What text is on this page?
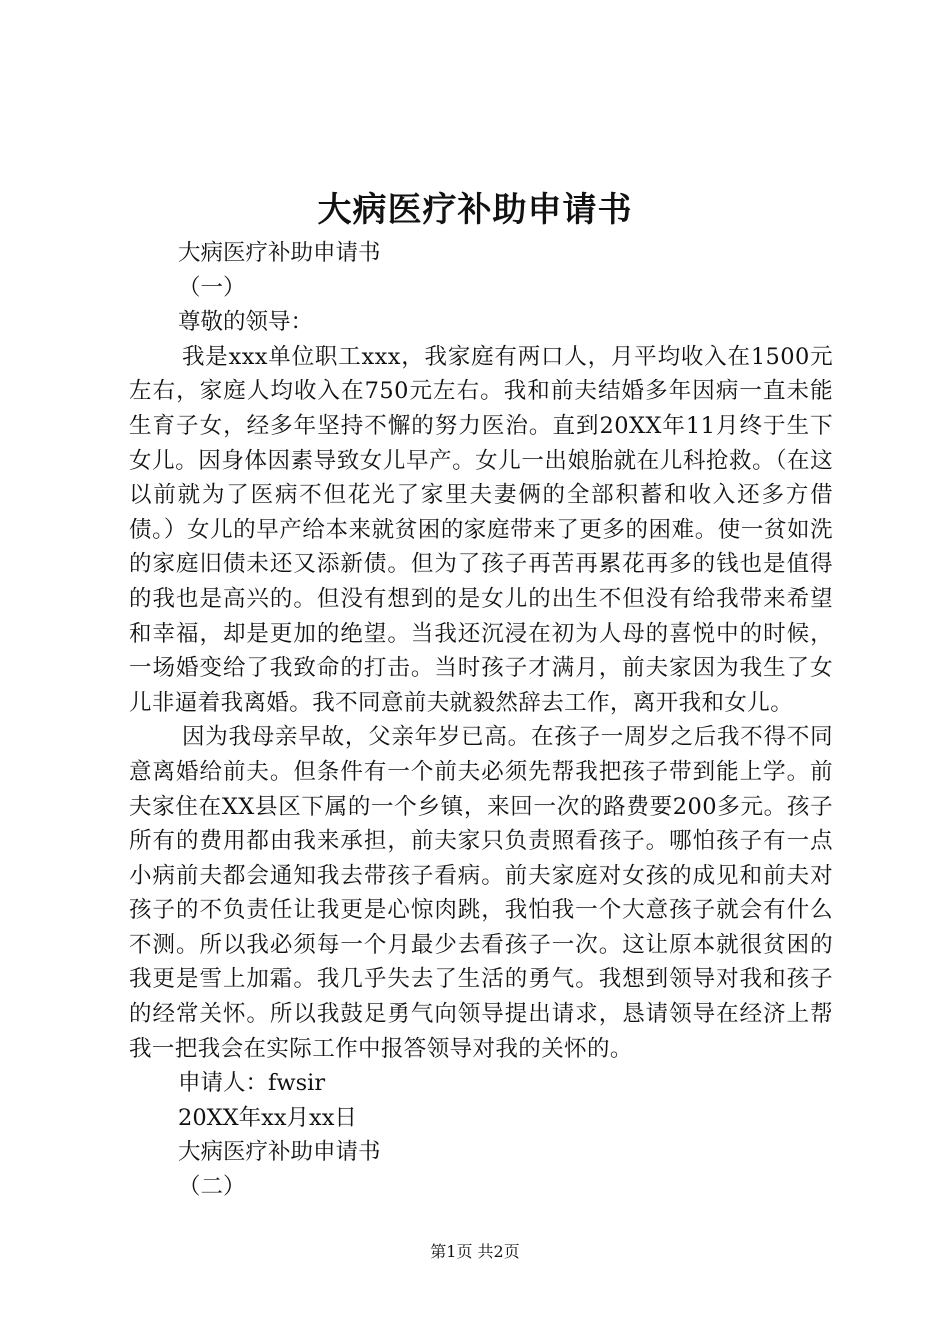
大病医疗补助申请书
大病医疗补助申请书
（一）
尊敬的领导：

我是xxx单位职工xxx，我家庭有两口人，月平均收入在1500元左右，家庭人均收入在750元左右。我和前夫结婚多年因病一直未能生育子女，经多年坚持不懈的努力医治。直到20XX年11月终于生下女儿。因身体因素导致女儿早产。女儿一出娘胎就在儿科抢救。（在这以前就为了医病不但花光了家里夫妻俩的全部积蓄和收入还多方借债。）女儿的早产给本来就贫困的家庭带来了更多的困难。使一贫如洗的家庭旧债未还又添新债。但为了孩子再苦再累花再多的钱也是值得的我也是高兴的。但没有想到的是女儿的出生不但没有给我带来希望和幸福，却是更加的绝望。当我还沉浸在初为人母的喜悦中的时候，一场婚变给了我致命的打击。当时孩子才满月，前夫家因为我生了女儿非逼着我离婚。我不同意前夫就毅然辞去工作，离开我和女儿。

因为我母亲早故，父亲年岁已高。在孩子一周岁之后我不得不同意离婚给前夫。但条件有一个前夫必须先帮我把孩子带到能上学。前夫家住在XX县区下属的一个乡镇，来回一次的路费要200多元。孩子所有的费用都由我来承担，前夫家只负责照看孩子。哪怕孩子有一点小病前夫都会通知我去带孩子看病。前夫家庭对女孩的成见和前夫对孩子的不负责任让我更是心惊肉跳，我怕我一个大意孩子就会有什么不测。所以我必须每一个月最少去看孩子一次。这让原本就很贫困的我更是雪上加霜。我几乎失去了生活的勇气。我想到领导对我和孩子的经常关怀。所以我鼓足勇气向领导提出请求，恳请领导在经济上帮我一把我会在实际工作中报答领导对我的关怀的。

申请人：fwsir
20XX年xx月xx日
大病医疗补助申请书
（二）
第1页 共2页
